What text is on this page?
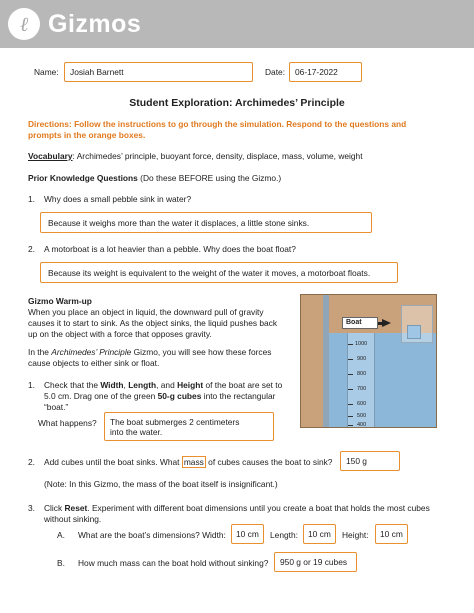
ℓ Gizmos
Name: Josiah Barnett	Date: 06-17-2022
Student Exploration: Archimedes’ Principle
Directions: Follow the instructions to go through the simulation. Respond to the questions and
prompts in the orange boxes.
Vocabulary: Archimedes’ principle, buoyant force, density, displace, mass, volume, weight
Prior Knowledge Questions (Do these BEFORE using the Gizmo.)
1. Why does a small pebble sink in water?
Because it weighs more than the water it displaces, a little stone sinks.
2. A motorboat is a lot heavier than a pebble. Why does the boat float?
Because its weight is equivalent to the weight of the water it moves, a motorboat floats.
Gizmo Warm-up
When you place an object in liquid, the downward pull of gravity
causes it to start to sink. As the object sinks, the liquid pushes back
up on the object with a force that opposes gravity.
In the Archimedes’ Principle Gizmo, you will see how these forces
cause objects to either sink or float.
1. Check that the Width, Length, and Height of the boat are set to
5.0 cm. Drag one of the green 50-g cubes into the rectangular
“boat.”
What happens? The boat submerges 2 centimeters
into the water.
Boat
1000
900
800
700
600
500
400
2. Add cubes until the boat sinks. What mass of cubes causes the boat to sink? 150 g
(Note: In this Gizmo, the mass of the boat itself is insignificant.)
3. Click Reset. Experiment with different boat dimensions until you create a boat that holds the most cubes
without sinking.
A. What are the boat’s dimensions? Width: 10 cm Length: 10 cm Height: 10 cm
B. How much mass can the boat hold without sinking? 950 g or 19 cubes
